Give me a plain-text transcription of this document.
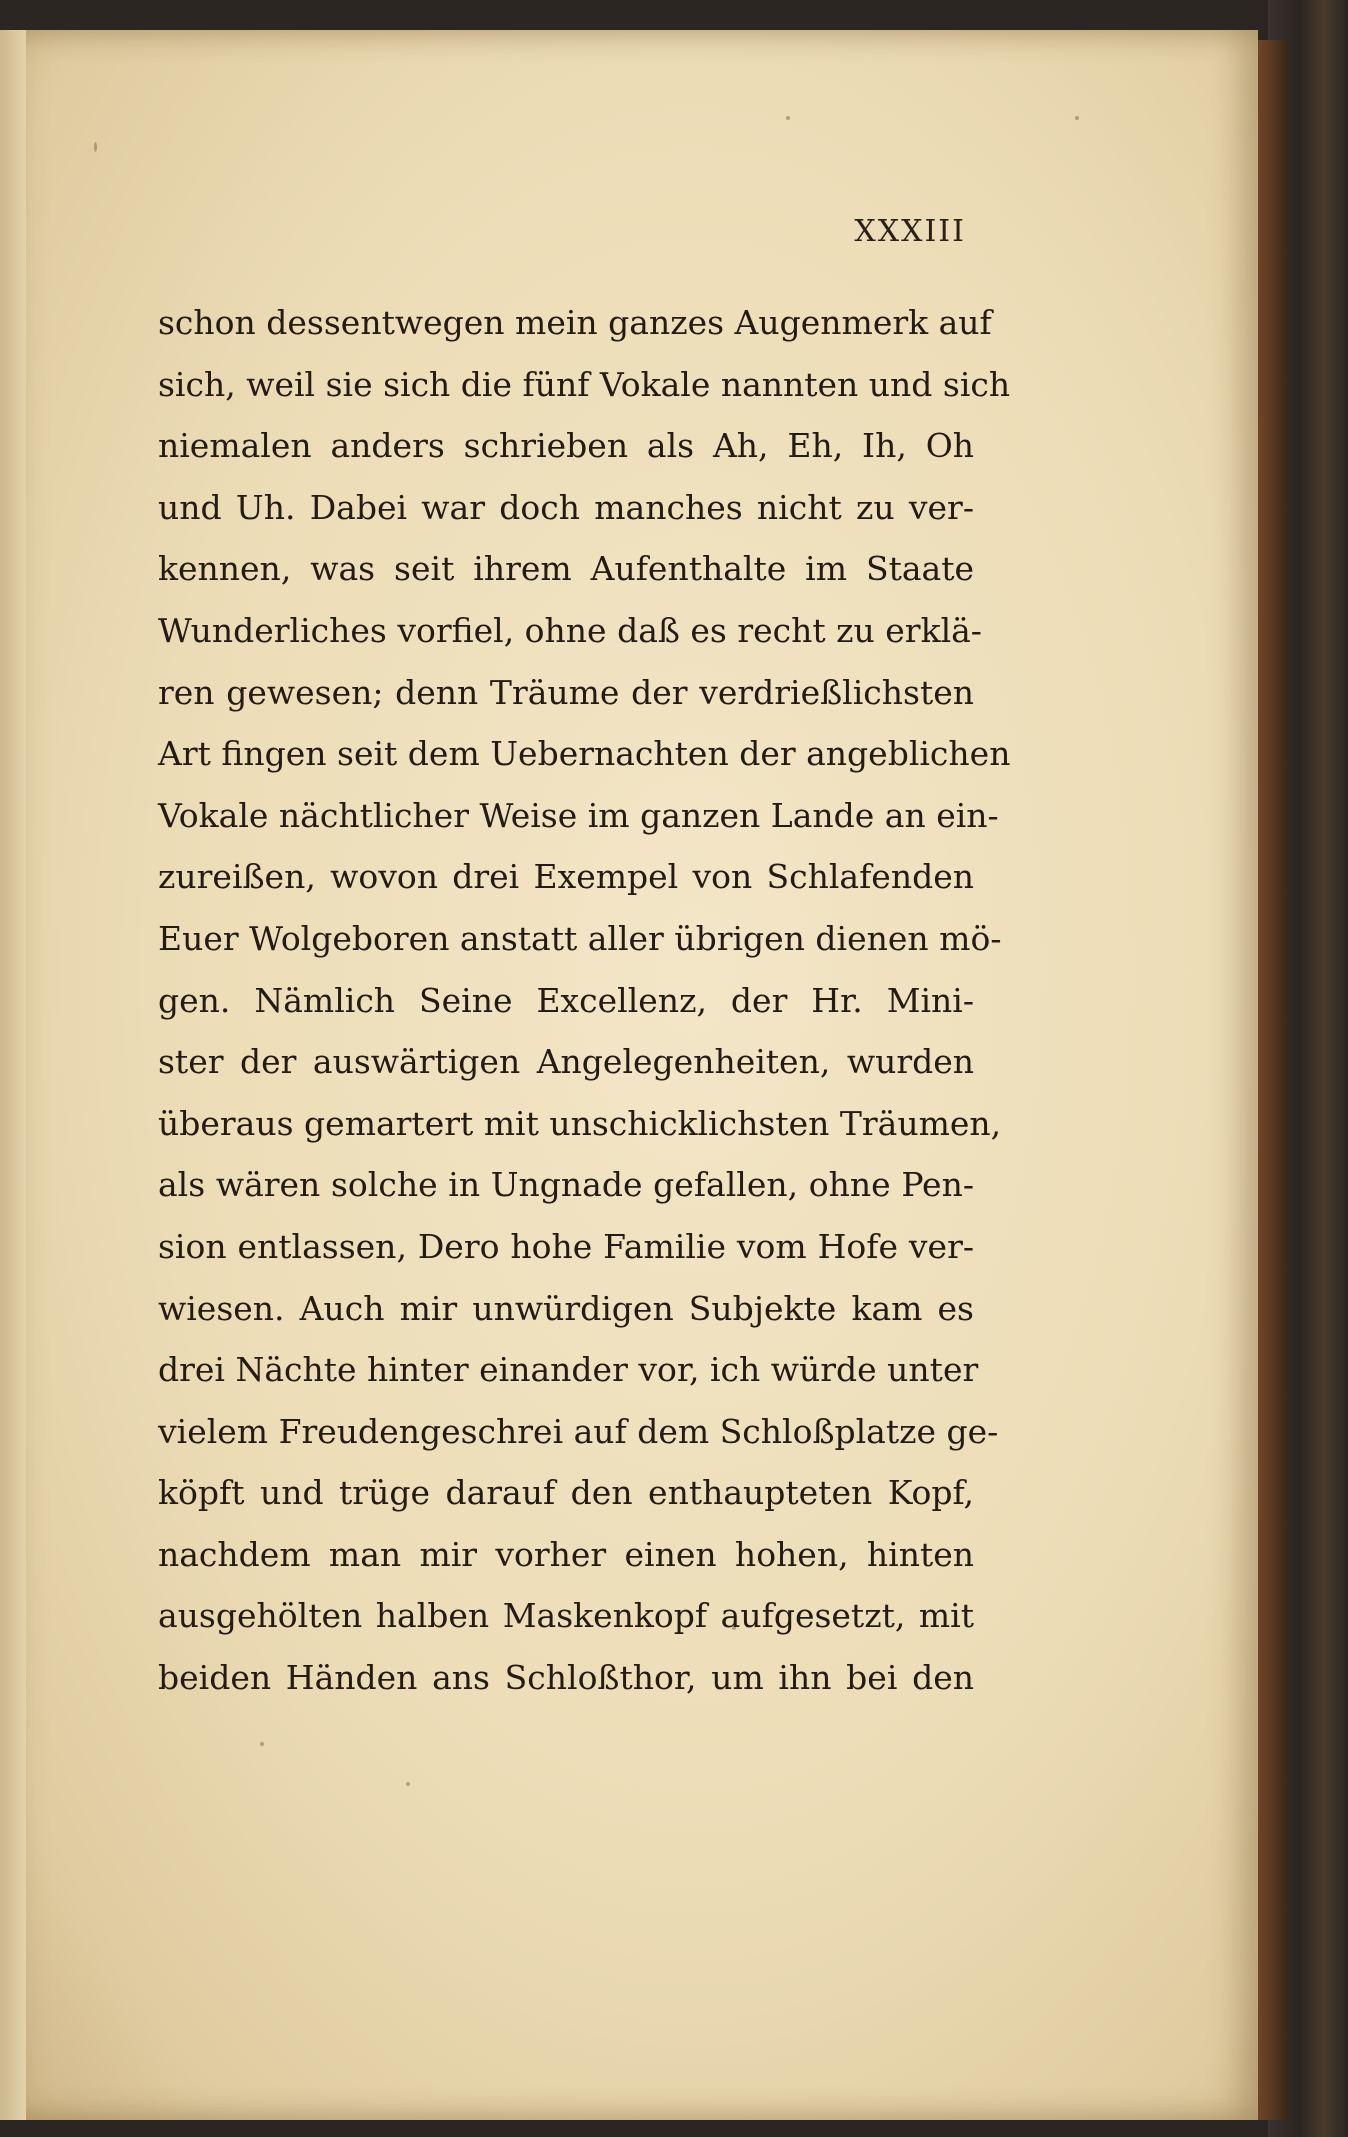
XXXIII
schon dessentwegen mein ganzes Augenmerk auf
sich, weil sie sich die fünf Vokale nannten und sich
niemalen anders schrieben als Ah, Eh, Ih, Oh
und Uh. Dabei war doch manches nicht zu ver-
kennen, was seit ihrem Aufenthalte im Staate
Wunderliches vorfiel, ohne daß es recht zu erklä-
ren gewesen; denn Träume der verdrießlichsten
Art fingen seit dem Uebernachten der angeblichen
Vokale nächtlicher Weise im ganzen Lande an ein-
zureißen, wovon drei Exempel von Schlafenden
Euer Wolgeboren anstatt aller übrigen dienen mö-
gen. Nämlich Seine Excellenz, der Hr. Mini-
ster der auswärtigen Angelegenheiten, wurden
überaus gemartert mit unschicklichsten Träumen,
als wären solche in Ungnade gefallen, ohne Pen-
sion entlassen, Dero hohe Familie vom Hofe ver-
wiesen. Auch mir unwürdigen Subjekte kam es
drei Nächte hinter einander vor, ich würde unter
vielem Freudengeschrei auf dem Schloßplatze ge-
köpft und trüge darauf den enthaupteten Kopf,
nachdem man mir vorher einen hohen, hinten
ausgehölten halben Maskenkopf aufgesetzt, mit
beiden Händen ans Schloßthor, um ihn bei den
